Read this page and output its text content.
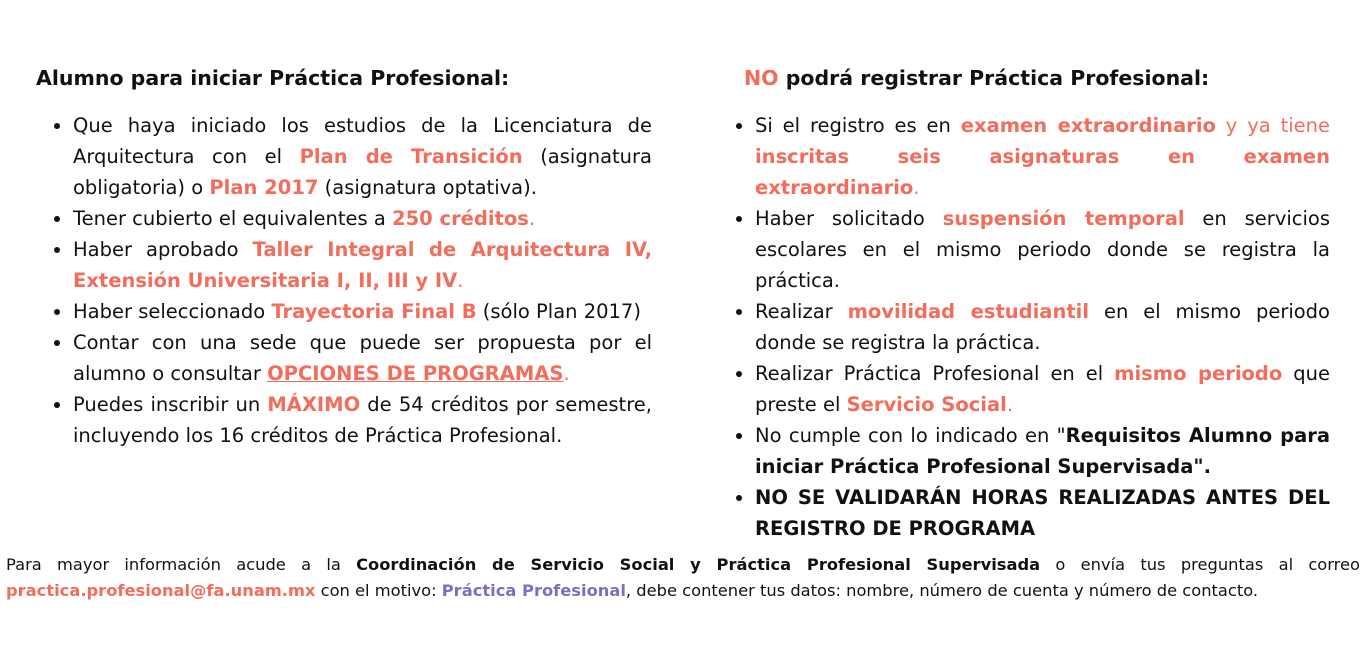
Alumno para iniciar Práctica Profesional:
• Que haya iniciado los estudios de la Licenciatura de Arquitectura con el Plan de Transición (asignatura obligatoria) o Plan 2017 (asignatura optativa).
• Tener cubierto el equivalentes a 250 créditos.
• Haber aprobado Taller Integral de Arquitectura IV, Extensión Universitaria I, II, III y IV.
• Haber seleccionado Trayectoria Final B (sólo Plan 2017)
• Contar con una sede que puede ser propuesta por el alumno o consultar OPCIONES DE PROGRAMAS.
• Puedes inscribir un MÁXIMO de 54 créditos por semestre, incluyendo los 16 créditos de Práctica Profesional.
NO podrá registrar Práctica Profesional:
• Si el registro es en examen extraordinario y ya tiene inscritas seis asignaturas en examen extraordinario.
• Haber solicitado suspensión temporal en servicios escolares en el mismo periodo donde se registra la práctica.
• Realizar movilidad estudiantil en el mismo periodo donde se registra la práctica.
• Realizar Práctica Profesional en el mismo periodo que preste el Servicio Social.
• No cumple con lo indicado en "Requisitos Alumno para iniciar Práctica Profesional Supervisada".
• NO SE VALIDARÁN HORAS REALIZADAS ANTES DEL REGISTRO DE PROGRAMA
Para mayor información acude a la Coordinación de Servicio Social y Práctica Profesional Supervisada o envía tus preguntas al correo practica.profesional@fa.unam.mx con el motivo: Práctica Profesional, debe contener tus datos: nombre, número de cuenta y número de contacto.
